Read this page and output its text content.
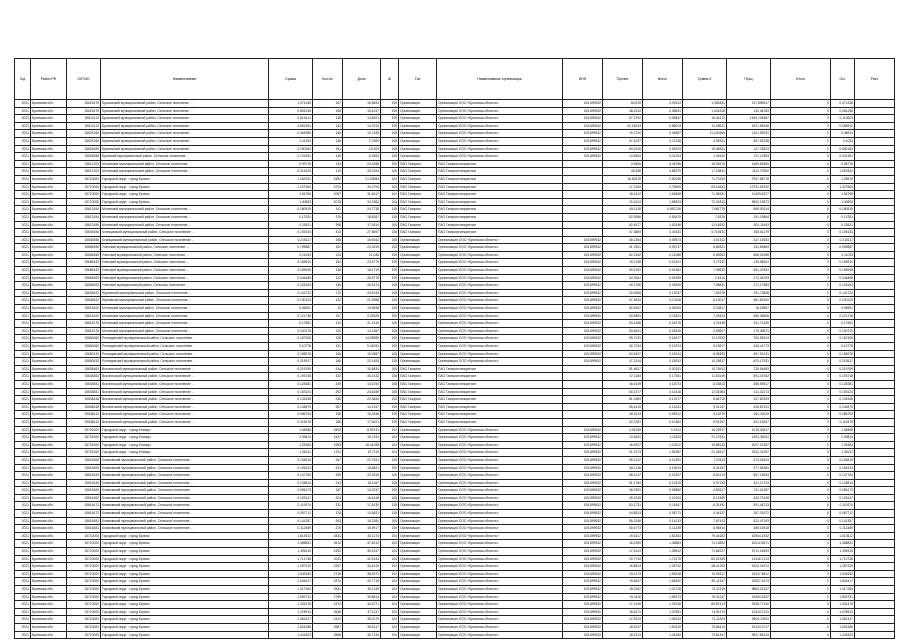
Год	Район РФ	ОКТМО	Наименование	Сумма	Кол-во	Доля	ID	Тип	Наименование организации	ИНН	Прочие	Всего	Сумма б	Проц	Итого	Ост	Расч
2021	Брянская обл.	15624475	Брасовский муниципальный район, Сельское поселение ...	1,071248	167	16,5843	105	Организация	Организация ООО «Брянская область»	105,899932	50,878	0,09113	1,083431	137,896917	0	0,071248	
2021	Брянская обл.	15624475	Брасовский муниципальный район, Сельское поселение ...	0,891236	156	15,4237	105	Организация	Организация ООО «Брянская область»	105,899932	48,2314	0,08631	1,024318	132,46783	0	0,061258	
2021	Брянская обл.	15624113	Брасовский муниципальный район, Сельское поселение ...	0,815412	148	14,8321	105	Организация	Организация ООО «Брянская область»	105,899932	57,3792	0,06847	16,44173	1449,136387	0	0,113623	
2021	Брянская обл.	15624113	Брасовский муниципальный район, Сельское поселение ...	0,691391	144	14,7813	105	Организация	Организация ООО «Брянская область»	105,899932	42,18433	0,56013	13,28621	1021,96346	0	0,085912	
2021	Брянская обл.	15624160	Брасовский муниципальный район, Сельское поселение ...	0,364985	165	10,7428	105	Организация	Организация ООО «Брянская область»	105,899932	19,7216	0,04887	11,130365	1101,99231	0	0,48914	
2021	Брянская обл.	15624160	Брасовский муниципальный район, Сельское поселение ...	0,11153	148	2,7584	105	Организация	Организация ООО «Брянская область»	105,899932	57,4237	0,11238	4,59321	597,91238	0	0,1033	
2021	Брянская обл.	15624459	Брасовский муниципальный район, Сельское поселение ...	0,150184	151	15,303	105	Организация	Организация ООО «Брянская область»	105,899932	60,0315	0,09123	19,48321	127,78423	0	0,060184	
2021	Брянская обл.	15628458	Брянский муниципальный район, Сельское поселение ...	0,131351	148	6,1853	105	Организация	Организация ООО «Брянская область»	105,899932	14,3844	0,11203	1,04943	721,12953	0	0,041351	
2021	Брянская обл.	15612103	Мглинский муниципальный район, Сельское поселение ...	0,99776	134	24,3158	105	ПАО Газпром	ПАО Газпром межрегион		0,5508	5,48786	16,09478	1450,62983	0	0,98776	
2021	Брянская обл.	15612103	Мглинский муниципальный район, Сельское поселение ...	0,314425	119	28,3154	105	ПАО Газпром	ПАО Газпром межрегион		48,498	4,68275	17,15831	1112,70302	0	1,067842	
2021	Брянская обл.	15710000	Городской округ - город Брянск	1,163761	1552	21,29683	104	ПАО Газпром	ПАО Газпром межрегион		16,50478	2,90156	71,73193	9767,58778	0	1,25678	
2021	Брянская обл.	15710000	Городской округ - город Брянск	1,227364	1976	30,2793	104	ПАО Газпром	ПАО Газпром межрегион		17,1263	2,75849	83,18433	12751,91932	0	1,327664	
2021	Брянская обл.	15710000	Городской округ - город Брянск	1,54765	2087	31,4617	104	ПАО Газпром	ПАО Газпром межрегион		18,1412	1,54808	71,98131	11493,6377	0	1,54765	
2021	Брянская обл.	15710000	Городской округ - город Брянск	1,40893	2078	34,1982	104	ПАО Газпром	ПАО Газпром межрегион		20,1613	1,68923	72,01813	9642,13873	0	1,40893	
2021	Брянская обл.	15612454	Мглинский муниципальный район, Сельское поселение ...	0,180519	411	24,7735	105	ПАО Газпром	ПАО Газпром межрегион		49,1128	0,887226	7,981779	569,30314	0	0,180519	
2021	Брянская обл.	15612454	Мглинский муниципальный район, Сельское поселение ...	0,13781	376	18,8267	105	ПАО Газпром	ПАО Газпром межрегион		52,3956	0,53479	7,8315	511,19854	0	0,13781	
2021	Брянская обл.	15612456	Мглинский муниципальный район, Сельское поселение ...	0,23521	398	17,9314	105	ПАО Газпром	ПАО Газпром межрегион		62,4477	1,02348	12,14932	501,11643	0	0,23521	
2021	Брянская обл.	15645496	Клинцовский муниципальный район, Сельское поселение ...	0,105134	413	27,5697	105	ПАО Газпром	ПАО Газпром межрегион		47,3884	0,41631	5,714531	453,61179	0	0,105134	
2021	Брянская обл.	15645496	Клинцовский муниципальный район, Сельское поселение ...	0,215117	198	16,5342	105	Организация	Организация ООО «Брянская область»	105,899932	48,1354	0,09573	4,67312	247,12531	0	0,215117	
2021	Брянская обл.	15656456	Унечский муниципальный район, Сельское поселение ...	0,705587	151	23,3319	105	Организация	Организация ООО «Брянская область»	105,899932	41,7821	0,09737	6,83321	131,69684	0	0,095587	
2021	Брянская обл.	15656456	Унечский муниципальный район, Сельское поселение ...	0,11033	124	21,048	105	Организация	Организация ООО «Брянская область»	105,899932	62,1342	0,11086	5,69963	568,31998	0	0,11033	
2021	Брянская обл.	15656443	Унечский муниципальный район, Сельское поселение ...	0,169914	184	20,5779	105	Организация	Организация ООО «Брянская область»	105,899932	19,1768	0,15101	3,77931	139,96941	0	0,169914	
2021	Брянская обл.	15656443	Унечский муниципальный район, Сельское поселение ...	0,195945	138	18,4714	105	Организация	Организация ООО «Брянская область»	105,899932	50,4781	0,01461	7,49933	351,47841	0	0,195945	
2021	Брянская обл.	15656453	Унечский муниципальный район, Сельское поселение ...	0,046485	122	26,5778	105	Организация	Организация ООО «Брянская область»	105,899932	52,9511	0,04399	2,4414	172,46793	0	0,046485	
2021	Брянская обл.	15656453	Унечский муниципальный район, Сельское поселение ...	0,125153	136	26,4473	105	Организация	Организация ООО «Брянская область»	105,899932	40,1786	0,18939	7,98831	171,17983	0	0,125153	
2021	Брянская обл.	15648422	Жуковский муниципальный район, Сельское поселение ...	0,141722	170	24,5143	105	Организация	Организация ООО «Брянская область»	105,899932	30,9458	0,12037	7,53378	291,73838	0	0,141722	
2021	Брянская обл.	15648422	Жуковский муниципальный район, Сельское поселение ...	0,130123	132	21,9358	105	Организация	Организация ООО «Брянская область»	105,899932	47,4834	0,13116	6,13017	461,83192	0	0,130123	
2021	Брянская обл.	15615420	Мглинский муниципальный район, Сельское поселение ...	0,05591	10	10,9548	105	Организация	Организация ООО «Брянская область»	105,899932	60,4657	0,05154	3,23817	16,23857	0	0,05591	
2021	Брянская обл.	15615420	Мглинский муниципальный район, Сельское поселение ...	0,121748	197	9,29325	105	Организация	Организация ООО «Брянская область»	105,899932	53,9853	0,11521	7,25424	356,48508	0	0,121748	
2021	Брянская обл.	15615175	Мглинский муниципальный район, Сельское поселение ...	0,17551	112	21,1416	105	Организация	Организация ООО «Брянская область»	105,899932	53,4186	0,16276	4,74448	101,71435	0	0,17551	
2021	Брянская обл.	15615175	Мглинский муниципальный район, Сельское поселение ...	0,100175	120	14,1387	105	Организация	Организация ООО «Брянская область»	105,899932	53,4841	0,18315	4,09817	179,45671	0	0,100175	
2021	Брянская обл.	15650460	Рогнединский муниципальный район, Сельское поселение ...	0,187308	128	14,09599	105	Организация	Организация ООО «Брянская область»	105,899932	59,7131	0,18477	11,12933	763,59313	0	0,187308	
2021	Брянская обл.	15650460	Рогнединский муниципальный район, Сельское поселение ...	0,10778	121	5,44931	105	Организация	Организация ООО «Брянская область»	105,899932	42,7234	0,12374	5,19917	246,41773	0	0,10778	
2021	Брянская обл.	15650433	Рогнединский муниципальный район, Сельское поселение ...	0,158378	156	15,9387	105	Организация	Организация ООО «Брянская область»	105,899932	54,9437	0,15314	8,05493	367,92131	0	0,158378	
2021	Брянская обл.	15650433	Рогнединский муниципальный район, Сельское поселение ...	0,215517	168	22,1453	105	Организация	Организация ООО «Брянская область»	105,899932	47,3144	0,15912	10,25817	623,17931	0	0,215517	
2021	Брянская обл.	15638463	Выгоничский муниципальный район, Сельское поселение ...	0,219769	244	32,6834	105	ПАО Газпром	ПАО Газпром межрегион		51,4817	0,20191	10,78411	725,54983	0	0,219769	
2021	Брянская обл.	15638463	Выгоничский муниципальный район, Сельское поселение ...	0,193748	322	30,1432	105	ПАО Газпром	ПАО Газпром межрегион		47,1184	0,17351	11,63149	591,47932	0	0,193748	
2021	Брянская обл.	15638451	Выгоничский муниципальный район, Сельское поселение ...	0,128381	249	14,6753	105	ПАО Газпром	ПАО Газпром межрегион		48,5149	0,12073	8,03813	358,59317	0	0,128381	
2021	Брянская обл.	15638451	Выгоничский муниципальный район, Сельское поселение ...	0,153124	292	24,8159	105	ПАО Газпром	ПАО Газпром межрегион		60,2377	0,14418	12,01984	411,42173	0	0,153124	
2021	Брянская обл.	15638448	Выгоничский муниципальный район, Сельское поселение ...	0,131548	236	22,3844	105	ПАО Газпром	ПАО Газпром межрегион		51,0384	0,12377	8,84713	347,83193	0	0,131548	
2021	Брянская обл.	15638448	Выгоничский муниципальный район, Сельское поселение ...	0,134879	357	14,1347	105	ПАО Газпром	ПАО Газпром межрегион		55,4419	0,13241	9,01147	326,87241	0	0,134879	
2021	Брянская обл.	15638412	Выгоничский муниципальный район, Сельское поселение ...	0,086753	159	15,2348	105	ПАО Газпром	ПАО Газпром межрегион		46,9113	0,08312	5,13279	261,43119	0	0,086753	
2021	Брянская обл.	15638412	Выгоничский муниципальный район, Сельское поселение ...	0,115478	186	17,6321	105	ПАО Газпром	ПАО Газпром межрегион		52,3781	0,10384	6,91347	301,14527	0	0,115478	
2021	Брянская обл.	15701000	Городской округ - город Клинцы	1,08488	3493	8,99731	104	Организация	Организация ООО «Брянская область»	105,899932	4,34159	0,2314	16,22917	1219,49317	0	1,08488	
2021	Брянская обл.	15701000	Городской округ - город Клинцы	2,09814	2437	15,7441	104	Организация	Организация ООО «Брянская область»	105,899932	13,4831	1,11833	21,27931	1631,38411	0	2,09814	
2021	Брянская обл.	15701000	Городской округ - город Клинцы	1,25383	1955	18,44198	104	Организация	Организация ООО «Брянская область»	105,899932	16,9327	1,13912	19,88133	2007,14387	0	1,25383	
2021	Брянская обл.	15701000	Городской округ - город Клинцы	1,36211	1911	19,7119	104	Организация	Организация ООО «Брянская область»	105,899932	21,9173	1,54387	21,44517	2511,41397	0	1,36211	
2021	Брянская обл.	15616408	Климовский муниципальный район, Сельское поселение ...	0,134815	267	22,7541	105	Организация	Организация ООО «Брянская область»	105,899932	55,1247	0,14391	7,23113	473,16914	0	0,134815	
2021	Брянская обл.	15616408	Климовский муниципальный район, Сельское поселение ...	0,106123	221	15,8821	105	Организация	Организация ООО «Брянская область»	105,899932	48,1138	0,10914	5,41337	377,94381	0	0,106123	
2021	Брянская обл.	15616449	Климовский муниципальный район, Сельское поселение ...	0,147784	289	20,3315	105	Организация	Организация ООО «Брянская область»	105,899932	58,4137	0,15327	8,91213	557,18934	0	0,147784	
2021	Брянская обл.	15616449	Климовский муниципальный район, Сельское поселение ...	0,128814	244	18,1167	105	Организация	Организация ООО «Брянская область»	105,899932	51,1784	0,12919	6,97133	421,17213	0	0,128814	
2021	Брянская обл.	15616460	Климовский муниципальный район, Сельское поселение ...	0,096173	187	14,2237	105	Организация	Организация ООО «Брянская область»	105,899932	46,0391	0,09882	4,83317	311,14287	0	0,096173	
2021	Брянская обл.	15616460	Климовский муниципальный район, Сельское поселение ...	0,103147	204	16,4418	105	Организация	Организация ООО «Брянская область»	105,899932	49,2249	0,10234	5,12489	343,79138	0	0,103147	
2021	Брянская обл.	15616472	Климовский муниципальный район, Сельское поселение ...	0,119374	231	17,8139	105	Организация	Организация ООО «Брянская область»	105,899932	53,1731	0,11847	6,31491	391,44713	0	0,119374	
2021	Брянская обл.	15616472	Климовский муниципальный район, Сельское поселение ...	0,087712	176	13,5821	105	Организация	Организация ООО «Брянская область»	105,899932	44,8913	0,08771	4,44137	287,31972	0	0,087712	
2021	Брянская обл.	15616481	Климовский муниципальный район, Сельское поселение ...	0,141357	263	19,2284	105	Организация	Организация ООО «Брянская область»	105,899932	56,3148	0,14133	7,87413	512,47193	0	0,141357	
2021	Брянская обл.	15616481	Климовский муниципальный район, Сельское поселение ...	0,112489	219	16,9917	105	Организация	Организация ООО «Брянская область»	105,899932	50,4773	0,11249	5,98314	369,14918	0	0,112489	
2021	Брянская обл.	15710000	Городской округ - город Брянск	1,613512	2831	40,1174	104	Организация	Организация ООО «Брянская область»	105,899932	19,3417	1,61351	79,44183	10944,1932	0	1,613512	
2021	Брянская обл.	15710000	Городской округ - город Брянск	1,458831	2614	37,8213	104	Организация	Организация ООО «Брянская область»	105,899932	18,2289	1,45883	74,13892	10012,8471	0	1,458831	
2021	Брянская обл.	15710000	Городской округ - город Брянск	1,396115	2493	35,2247	104	Организация	Организация ООО «Брянская область»	105,899932	17,6124	1,39612	71,88127	9711,18493	0	1,396115	
2021	Брянская обл.	15710000	Городской округ - город Брянск	1,712748	3011	42,9134	104	Организация	Организация ООО «Брянская область»	105,899932	20,7734	1,71275	83,21349	11418,7213	0	1,712748	
2021	Брянская обл.	15710000	Городской округ - город Брянск	1,287319	2287	33,4419	104	Организация	Организация ООО «Брянская область»	105,899932	16,8813	1,28732	68,41193	9124,31874	0	1,287319	
2021	Брянская обл.	15710000	Городской округ - город Брянск	1,549183	2716	38,9371	104	Организация	Организация ООО «Брянская область»	105,899932	19,1173	1,54918	76,93317	10317,8812	0	1,549183	
2021	Брянская обл.	15710000	Городской округ - город Брянск	1,634417	2874	40,7718	104	Организация	Организация ООО «Брянская область»	105,899932	19,6647	1,63442	80,11347	10827,4473	0	1,634417	
2021	Брянская обл.	15710000	Городской округ - город Брянск	1,417284	2531	36,1149	104	Организация	Организация ООО «Брянская область»	105,899932	18,0342	1,41728	73,11219	9884,21347	0	1,417284	
2021	Брянская обл.	15710000	Городской округ - город Брянск	1,592731	2789	39,8813	104	Организация	Организация ООО «Брянская область»	105,899932	19,4116	1,59273	78,31247	10594,1837	0	1,592731	
2021	Брянская обл.	15710000	Городской округ - город Брянск	1,331478	2372	34,2271	104	Организация	Организация ООО «Брянская область»	105,899932	17,1449	1,33148	69,87413	9338,77142	0	1,331478	
2021	Брянская обл.	15710000	Городской округ - город Брянск	1,478913	2648	37,1147	104	Организация	Организация ООО «Брянская область»	105,899932	18,4471	1,47891	74,91173	10113,2741	0	1,478913	
2021	Брянская обл.	15710000	Городской округ - город Брянск	1,361427	2423	35,0179	104	Организация	Организация ООО «Брянская область»	105,899932	17,5313	1,36143	71,11324	9604,13911	0	1,361427	
2021	Брянская обл.	15710000	Городской округ - город Брянск	1,524186	2687	38,4417	104	Организация	Организация ООО «Брянская область»	105,899932	18,9137	1,52419	75,84413	10244,3717	0	1,524186	
2021	Брянская обл.	15710000	Городской округ - город Брянск	1,441823	2566	36,7134	104	Организация	Организация ООО «Брянская область»	105,899932	18,2214	1,44182	73,61347	9947,84134	0	1,441823	
